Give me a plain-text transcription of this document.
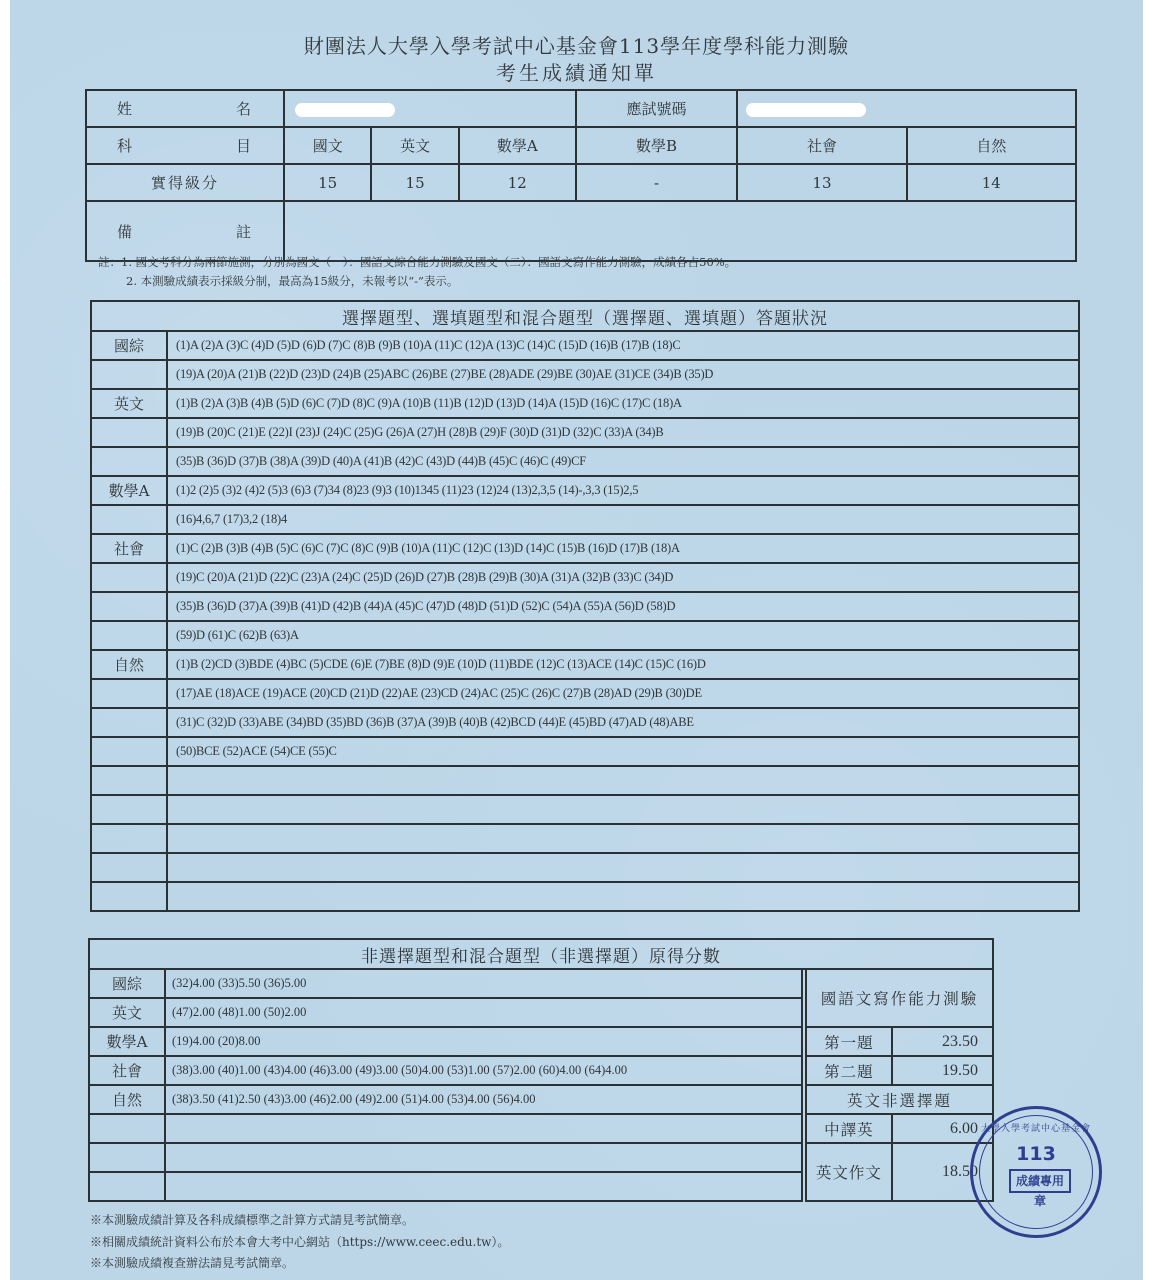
財團法人大學入學考試中心基金會113學年度學科能力測驗
考生成績通知單
姓　　名				應試號碼		
科　　目	國文	英文	數學A	數學B	社會	自然
實得級分	15	15	12	-	13	14
備　　註						
註：1. 國文考科分為兩節施測，分別為國文（一）：國語文綜合能力測驗及國文（二）：國語文寫作能力測驗，成績各占50%。
2. 本測驗成績表示採級分制，最高為15級分，未報考以“-”表示。
選擇題型、選填題型和混合題型（選擇題、選填題）答題狀況	
國綜	(1)A (2)A (3)C (4)D (5)D (6)D (7)C (8)B (9)B (10)A (11)C (12)A (13)C (14)C (15)D (16)B (17)B (18)C
	(19)A (20)A (21)B (22)D (23)D (24)B (25)ABC (26)BE (27)BE (28)ADE (29)BE (30)AE (31)CE (34)B (35)D
英文	(1)B (2)A (3)B (4)B (5)D (6)C (7)D (8)C (9)A (10)B (11)B (12)D (13)D (14)A (15)D (16)C (17)C (18)A
	(19)B (20)C (21)E (22)I (23)J (24)C (25)G (26)A (27)H (28)B (29)F (30)D (31)D (32)C (33)A (34)B
	(35)B (36)D (37)B (38)A (39)D (40)A (41)B (42)C (43)D (44)B (45)C (46)C (49)CF
數學A	(1)2 (2)5 (3)2 (4)2 (5)3 (6)3 (7)34 (8)23 (9)3 (10)1345 (11)23 (12)24 (13)2,3,5 (14)-,3,3 (15)2,5
	(16)4,6,7 (17)3,2 (18)4
社會	(1)C (2)B (3)B (4)B (5)C (6)C (7)C (8)C (9)B (10)A (11)C (12)C (13)D (14)C (15)B (16)D (17)B (18)A
	(19)C (20)A (21)D (22)C (23)A (24)C (25)D (26)D (27)B (28)B (29)B (30)A (31)A (32)B (33)C (34)D
	(35)B (36)D (37)A (39)B (41)D (42)B (44)A (45)C (47)D (48)D (51)D (52)C (54)A (55)A (56)D (58)D
	(59)D (61)C (62)B (63)A
自然	(1)B (2)CD (3)BDE (4)BC (5)CDE (6)E (7)BE (8)D (9)E (10)D (11)BDE (12)C (13)ACE (14)C (15)C (16)D
	(17)AE (18)ACE (19)ACE (20)CD (21)D (22)AE (23)CD (24)AC (25)C (26)C (27)B (28)AD (29)B (30)DE
	(31)C (32)D (33)ABE (34)BD (35)BD (36)B (37)A (39)B (40)B (42)BCD (44)E (45)BD (47)AD (48)ABE
	(50)BCE (52)ACE (54)CE (55)C

非選擇題型和混合題型（非選擇題）原得分數				
國綜	(32)4.00 (33)5.50 (36)5.00		國語文寫作能力測驗	
英文	(47)2.00 (48)1.00 (50)2.00			
數學A	(19)4.00 (20)8.00		第一題	23.50
社會	(38)3.00 (40)1.00 (43)4.00 (46)3.00 (49)3.00 (50)4.00 (53)1.00 (57)2.00 (60)4.00 (64)4.00		第二題	19.50
自然	(38)3.50 (41)2.50 (43)3.00 (46)2.00 (49)2.00 (51)4.00 (53)4.00 (56)4.00		英文非選擇題	
			中譯英	6.00
			英文作文	18.50

※本測驗成績計算及各科成績標準之計算方式請見考試簡章。
※相關成績統計資料公布於本會大考中心網站（https://www.ceec.edu.tw）。
※本測驗成績複查辦法請見考試簡章。
大學入學考試中心基金會
113
成績專用章
